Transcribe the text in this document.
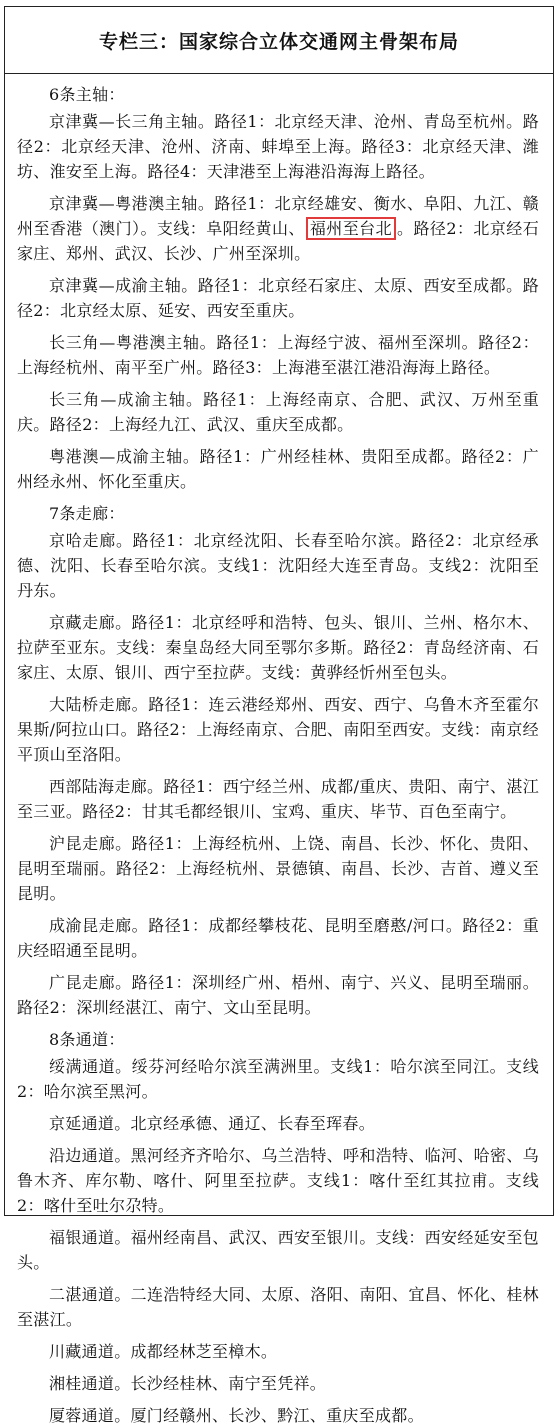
专栏三：国家综合立体交通网主骨架布局

6条主轴：

京津冀—长三角主轴。路径1：北京经天津、沧州、青岛至杭州。路径2：北京经天津、沧州、济南、蚌埠至上海。路径3：北京经天津、潍坊、淮安至上海。路径4：天津港至上海港沿海海上路径。

京津冀—粤港澳主轴。路径1：北京经雄安、衡水、阜阳、九江、赣州至香港（澳门）。支线：阜阳经黄山、 福州至台北 。路径2：北京经石家庄、郑州、武汉、长沙、广州至深圳。

京津冀—成渝主轴。路径1：北京经石家庄、太原、西安至成都。路径2：北京经太原、延安、西安至重庆。

长三角—粤港澳主轴。路径1：上海经宁波、福州至深圳。路径2：上海经杭州、南平至广州。路径3：上海港至湛江港沿海海上路径。

长三角—成渝主轴。路径1：上海经南京、合肥、武汉、万州至重庆。路径2：上海经九江、武汉、重庆至成都。

粤港澳—成渝主轴。路径1：广州经桂林、贵阳至成都。路径2：广州经永州、怀化至重庆。

7条走廊：

京哈走廊。路径1：北京经沈阳、长春至哈尔滨。路径2：北京经承德、沈阳、长春至哈尔滨。支线1：沈阳经大连至青岛。支线2：沈阳至丹东。

京藏走廊。路径1：北京经呼和浩特、包头、银川、兰州、格尔木、拉萨至亚东。支线：秦皇岛经大同至鄂尔多斯。路径2：青岛经济南、石家庄、太原、银川、西宁至拉萨。支线：黄骅经忻州至包头。

大陆桥走廊。路径1：连云港经郑州、西安、西宁、乌鲁木齐至霍尔果斯/阿拉山口。路径2：上海经南京、合肥、南阳至西安。支线：南京经平顶山至洛阳。

西部陆海走廊。路径1：西宁经兰州、成都/重庆、贵阳、南宁、湛江至三亚。路径2：甘其毛都经银川、宝鸡、重庆、毕节、百色至南宁。

沪昆走廊。路径1：上海经杭州、上饶、南昌、长沙、怀化、贵阳、昆明至瑞丽。路径2：上海经杭州、景德镇、南昌、长沙、吉首、遵义至昆明。

成渝昆走廊。路径1：成都经攀枝花、昆明至磨憨/河口。路径2：重庆经昭通至昆明。

广昆走廊。路径1：深圳经广州、梧州、南宁、兴义、昆明至瑞丽。路径2：深圳经湛江、南宁、文山至昆明。

8条通道：

绥满通道。绥芬河经哈尔滨至满洲里。支线1：哈尔滨至同江。支线2：哈尔滨至黑河。

京延通道。北京经承德、通辽、长春至珲春。

沿边通道。黑河经齐齐哈尔、乌兰浩特、呼和浩特、临河、哈密、乌鲁木齐、库尔勒、喀什、阿里至拉萨。支线1：喀什至红其拉甫。支线2：喀什至吐尔尕特。

福银通道。福州经南昌、武汉、西安至银川。支线：西安经延安至包头。

二湛通道。二连浩特经大同、太原、洛阳、南阳、宜昌、怀化、桂林至湛江。

川藏通道。成都经林芝至樟木。

湘桂通道。长沙经桂林、南宁至凭祥。

厦蓉通道。厦门经赣州、长沙、黔江、重庆至成都。
